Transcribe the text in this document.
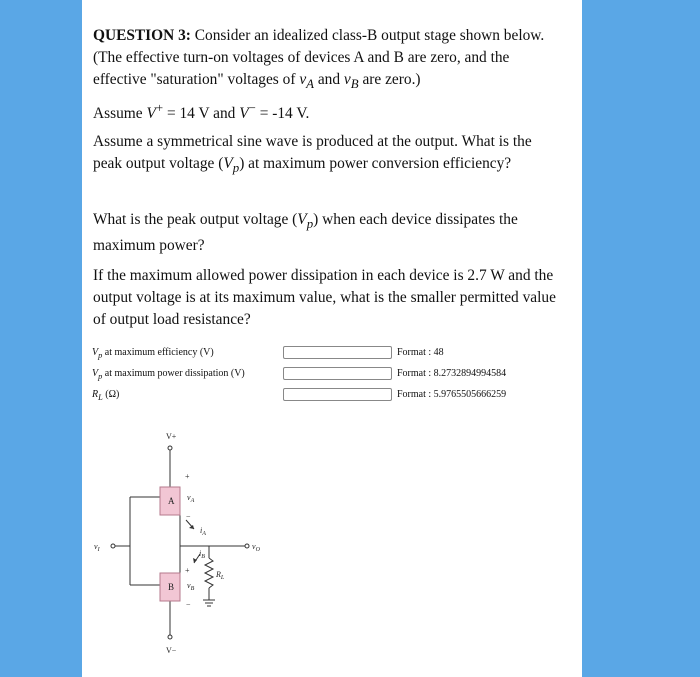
QUESTION 3: Consider an idealized class-B output stage shown below. (The effective turn-on voltages of devices A and B are zero, and the effective "saturation" voltages of $v_A$ and $v_B$ are zero.)

Assume V+ = 14 V and V− = -14 V.

Assume a symmetrical sine wave is produced at the output. What is the peak output voltage $(V_p)$ at maximum power conversion efficiency?

What is the peak output voltage $(V_p)$ when each device dissipates the maximum power?

If the maximum allowed power dissipation in each device is 2.7 W and the output voltage is at its maximum value, what is the smaller permitted value of output load resistance?

$V_p$ at maximum efficiency (V)	Format : 48
$V_p$ at maximum power dissipation (V)	Format : 8.2732894994584
$R_L$ (Ω)	Format : 5.9765505666259
A
B
V+
V−
$v_I$	$v_O$
$v_A$
$v_B$
$i_A$
$i_B$
$R_L$
+
−
+
−
